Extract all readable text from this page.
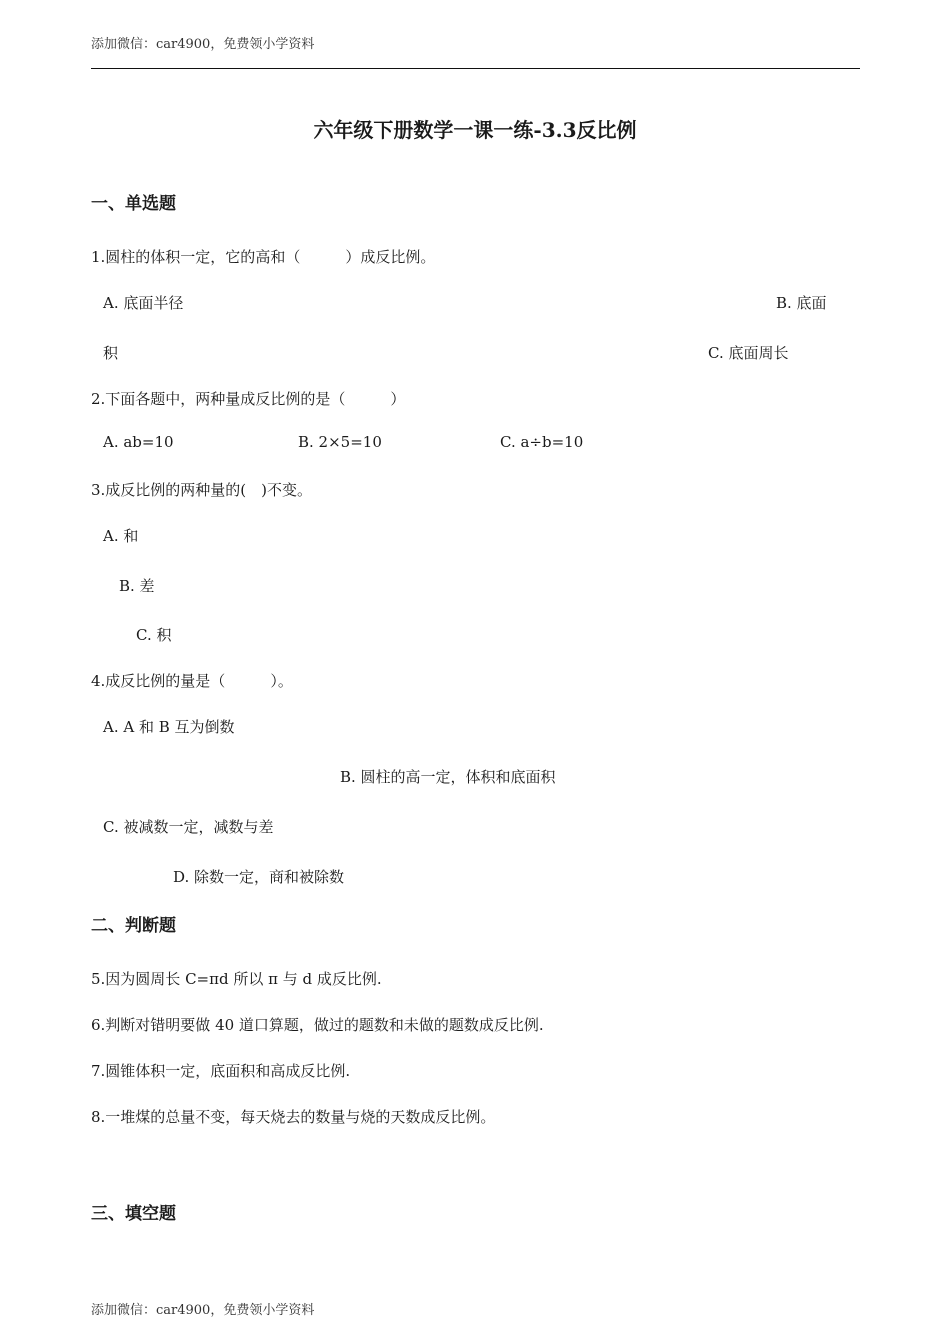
添加微信：car4900，免费领小学资料
六年级下册数学一课一练-3.3反比例
一、单选题
1.圆柱的体积一定，它的高和（　　　）成反比例。
A. 底面半径	B. 底面
积	C. 底面周长
2.下面各题中，两种量成反比例的是（　　　）
A. ab=10	B. 2×5=10	C. a÷b=10
3.成反比例的两种量的(　)不变。
A. 和
B. 差
C. 积
4.成反比例的量是（　　　）。
A. A 和 B 互为倒数
B. 圆柱的高一定，体积和底面积
C. 被减数一定，减数与差
D. 除数一定，商和被除数
二、判断题
5.因为圆周长 C=πd 所以 π 与 d 成反比例.
6.判断对错明要做 40 道口算题，做过的题数和未做的题数成反比例.
7.圆锥体积一定，底面积和高成反比例.
8.一堆煤的总量不变，每天烧去的数量与烧的天数成反比例。
三、填空题
添加微信：car4900，免费领小学资料
